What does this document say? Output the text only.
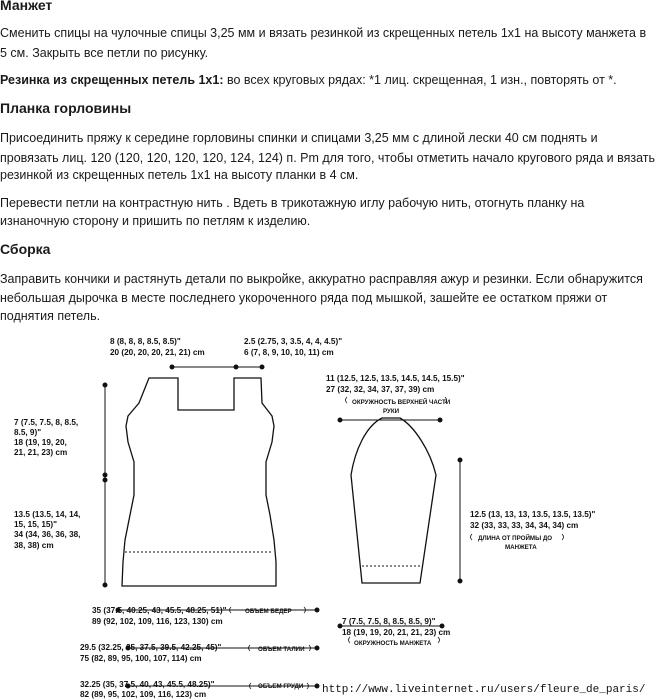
Манжет
Сменить спицы на чулочные спицы 3,25 мм и вязать резинкой из скрещенных петель 1х1 на высоту манжета в
5 см. Закрыть все петли по рисунку.
Резинка из скрещенных петель 1х1: во всех круговых рядах: *1 лиц. скрещенная, 1 изн., повторять от *.
Планка горловины
Присоединить пряжу к середине горловины спинки и спицами 3,25 мм с длиной лески 40 см поднять и
провязать лиц. 120 (120, 120, 120, 120, 124, 124) п. Pm для того, чтобы отметить начало кругового ряда и вязать
резинкой из скрещенных петель 1х1 на высоту планки в 4 см.
Перевести петли на контрастную нить . Вдеть в трикотажную иглу рабочую нить, отогнуть планку на
изнаночную сторону и пришить по петлям к изделию.
Сборка
Заправить кончики и растянуть детали по выкройке, аккуратно расправляя ажур и резинки. Если обнаружится
небольшая дырочка в месте последнего укороченного ряда под мышкой, зашейте ее остатком пряжи от
поднятия петель.
8 (8, 8, 8, 8.5, 8.5)"
20 (20, 20, 20, 21, 21) cm
2.5 (2.75, 3, 3.5, 4, 4, 4.5)"
6 (7, 8, 9, 10, 10, 11) cm
7 (7.5, 7.5, 8, 8.5,
8.5, 9)"
18 (19, 19, 20,
21, 21, 23) cm
13.5 (13.5, 14, 14,
15, 15, 15)"
34 (34, 36, 36, 38,
38, 38) cm
35 (37.5, 40.25, 43, 45.5, 48.25, 51)"
89 (92, 102, 109, 116, 123, 130) cm
ОБЪЕМ БЕДЕР
29.5 (32.25, 35, 37.5, 39.5, 42.25, 45)"
75 (82, 89, 95, 100, 107, 114) cm
ОБЪЕМ ТАЛИИ
32.25 (35, 37.5, 40, 43, 45.5, 48.25)"
82 (89, 95, 102, 109, 116, 123) cm
ОБЪЕМ ГРУДИ
11 (12.5, 12.5, 13.5, 14.5, 14.5, 15.5)"
27 (32, 32, 34, 37, 37, 39) cm
ОКРУЖНОСТЬ ВЕРХНЕЙ ЧАСТИ
РУКИ
12.5 (13, 13, 13, 13.5, 13.5, 13.5)"
32 (33, 33, 33, 34, 34, 34) cm
ДЛИНА ОТ ПРОЙМЫ ДО
МАНЖЕТА
7 (7.5, 7.5, 8, 8.5, 8.5, 9)"
18 (19, 19, 20, 21, 21, 23) cm
ОКРУЖНОСТЬ МАНЖЕТА
http://www.liveinternet.ru/users/fleure_de_paris/
